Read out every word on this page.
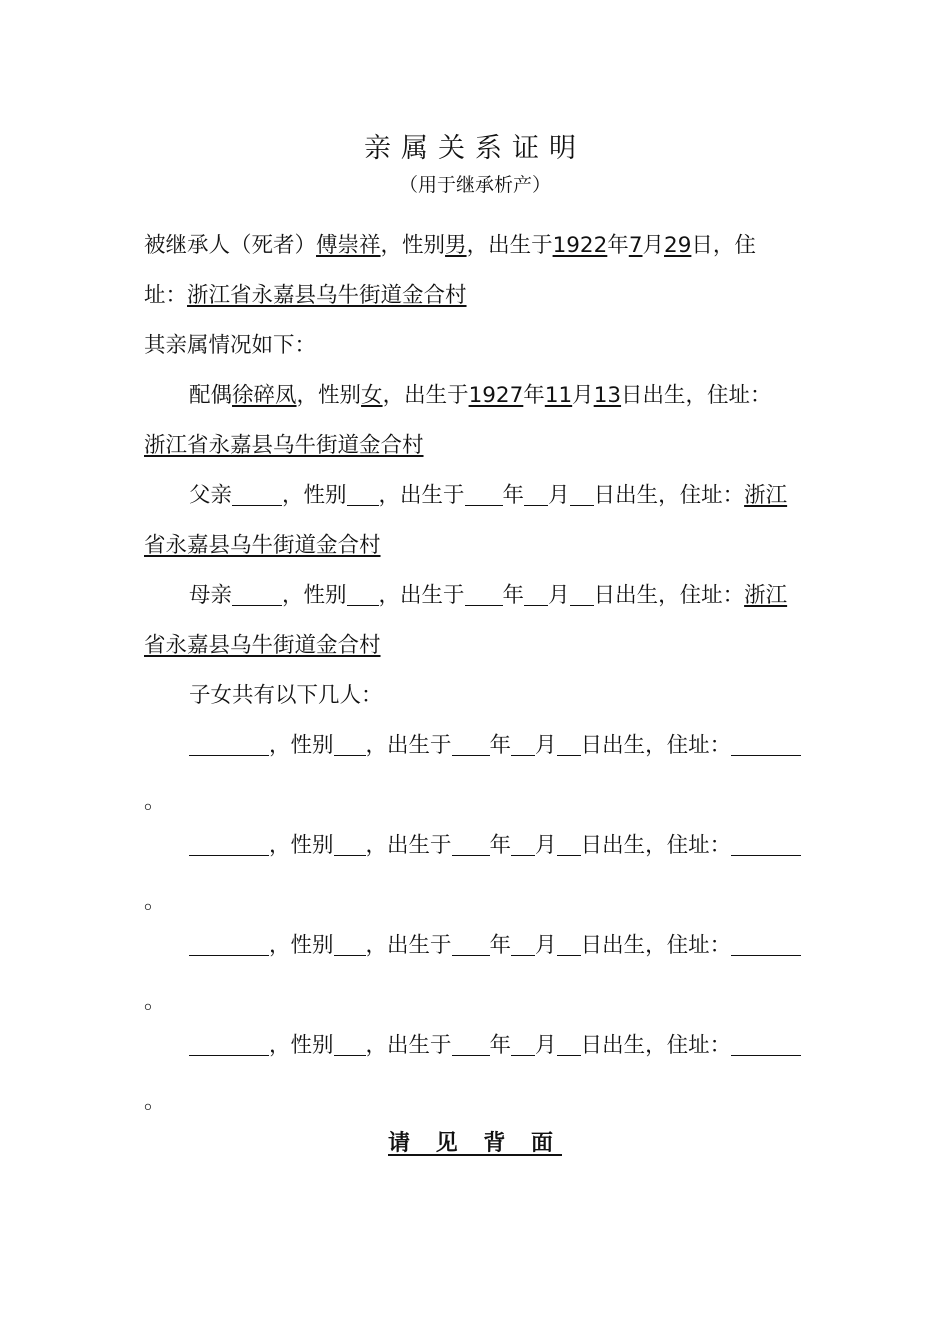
亲属关系证明
（用于继承析产）
被继承人（死者）傅崇祥，性别男，出生于1922年7月29日，住
址：浙江省永嘉县乌牛街道金合村
其亲属情况如下：
配偶徐碎凤，性别女，出生于1927年11月13日出生，住址：
浙江省永嘉县乌牛街道金合村
父亲 ，性别 ，出生于 年 月 日出生，住址：浙江
省永嘉县乌牛街道金合村
母亲 ，性别 ，出生于 年 月 日出生，住址：浙江
省永嘉县乌牛街道金合村
子女共有以下几人：
，性别 ，出生于 年 月 日出生，住址：
。
，性别 ，出生于 年 月 日出生，住址：
。
，性别 ，出生于 年 月 日出生，住址：
。
，性别 ，出生于 年 月 日出生，住址：
。
请 见 背 面
